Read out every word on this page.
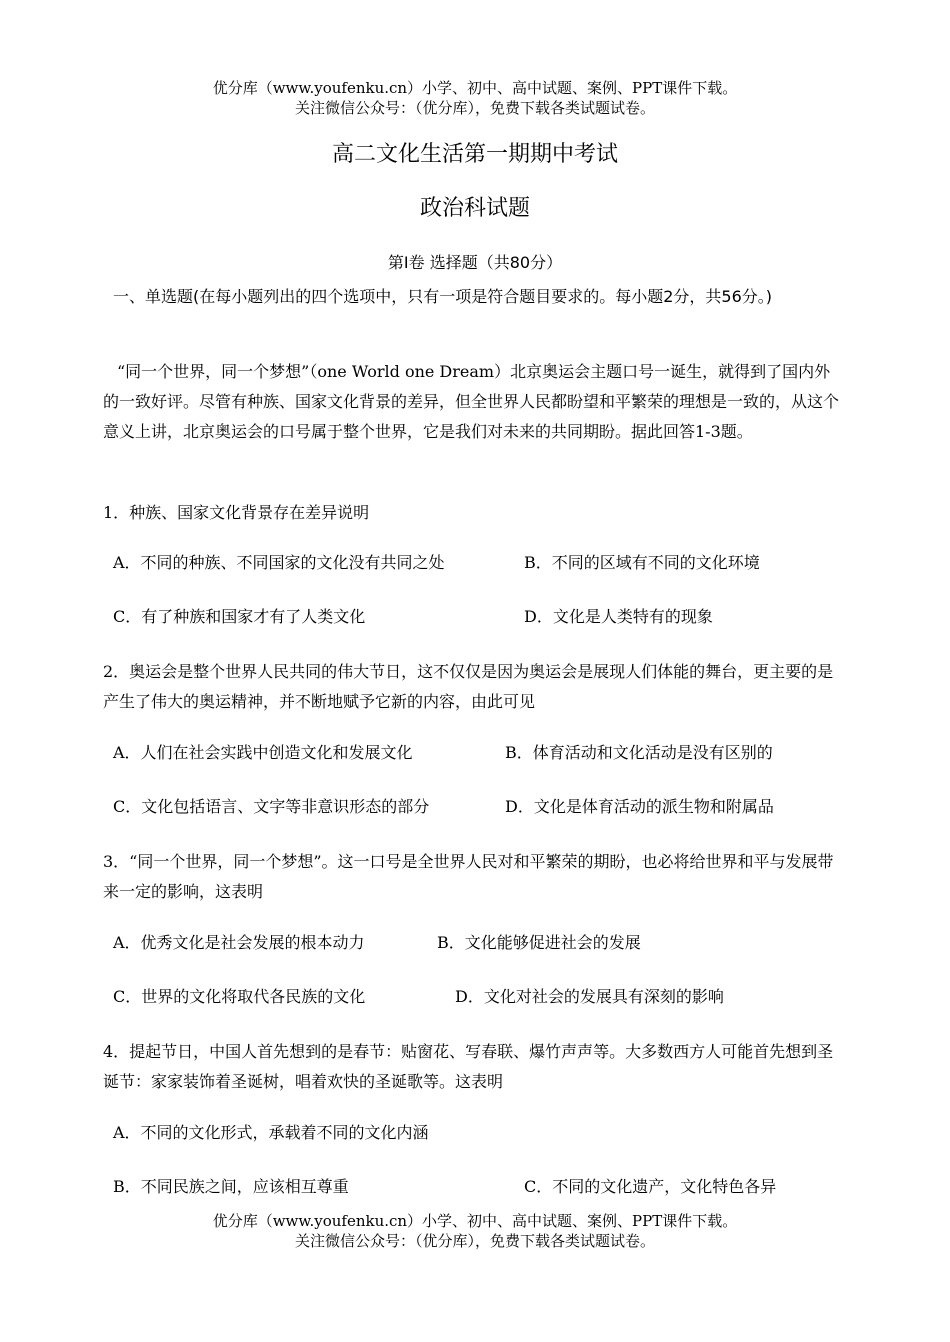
优分库（www.youfenku.cn）小学、初中、高中试题、案例、PPT课件下载。
关注微信公众号：（优分库），免费下载各类试题试卷。
高二文化生活第一期期中考试
政治科试题
第Ⅰ卷 选择题（共80分）
一、单选题(在每小题列出的四个选项中，只有一项是符合题目要求的。每小题2分，共56分。)
“同一个世界，同一个梦想”（one World one Dream）北京奥运会主题口号一诞生，就得到了国内外的一致好评。尽管有种族、国家文化背景的差异，但全世界人民都盼望和平繁荣的理想是一致的，从这个意义上讲，北京奥运会的口号属于整个世界，它是我们对未来的共同期盼。据此回答1-3题。
1．种族、国家文化背景存在差异说明
A．不同的种族、不同国家的文化没有共同之处	B．不同的区域有不同的文化环境
C．有了种族和国家才有了人类文化	D．文化是人类特有的现象
2．奥运会是整个世界人民共同的伟大节日，这不仅仅是因为奥运会是展现人们体能的舞台，更主要的是产生了伟大的奥运精神，并不断地赋予它新的内容，由此可见
A．人们在社会实践中创造文化和发展文化	B．体育活动和文化活动是没有区别的
C．文化包括语言、文字等非意识形态的部分	D．文化是体育活动的派生物和附属品
3．“同一个世界，同一个梦想”。这一口号是全世界人民对和平繁荣的期盼，也必将给世界和平与发展带来一定的影响，这表明
A．优秀文化是社会发展的根本动力	B．文化能够促进社会的发展
C．世界的文化将取代各民族的文化	D．文化对社会的发展具有深刻的影响
4．提起节日，中国人首先想到的是春节：贴窗花、写春联、爆竹声声等。大多数西方人可能首先想到圣诞节：家家装饰着圣诞树，唱着欢快的圣诞歌等。这表明
A．不同的文化形式，承载着不同的文化内涵
B．不同民族之间，应该相互尊重	C．不同的文化遗产，文化特色各异
优分库（www.youfenku.cn）小学、初中、高中试题、案例、PPT课件下载。
关注微信公众号：（优分库），免费下载各类试题试卷。
